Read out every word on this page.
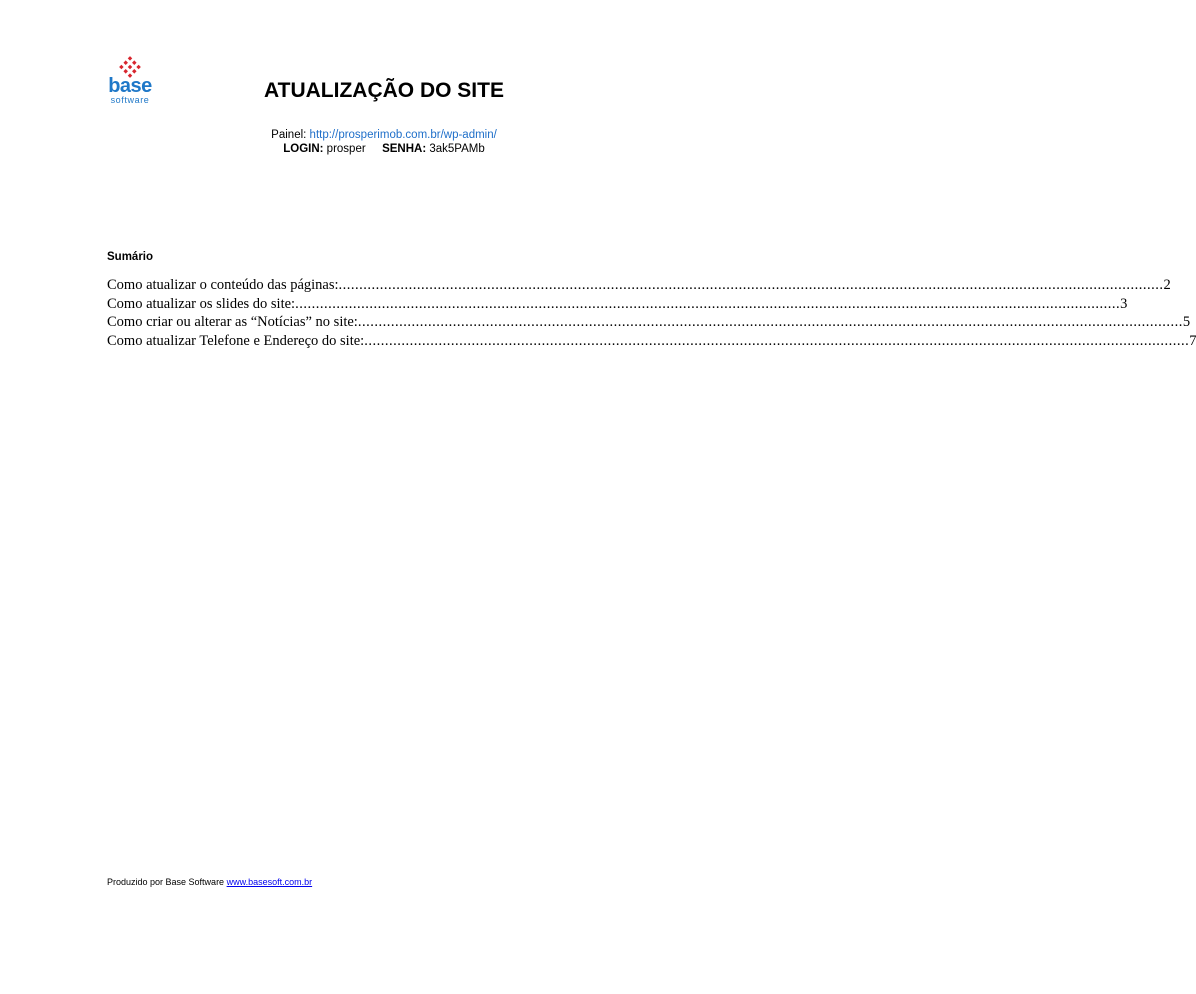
base
software	ATUALIZAÇÃO DO SITE
Painel: http://prosperimob.com.br/wp-admin/
LOGIN: prosper SENHA: 3ak5PAMb
Sumário
Como atualizar o conteúdo das páginas: ........................................................................................................................................................................................................ 2
Como atualizar os slides do site: ........................................................................................................................................................................................................ 3
Como criar ou alterar as “Notícias” no site: ........................................................................................................................................................................................................ 5
Como atualizar Telefone e Endereço do site: ........................................................................................................................................................................................................ 7
Produzido por Base Software www.basesoft.com.br
